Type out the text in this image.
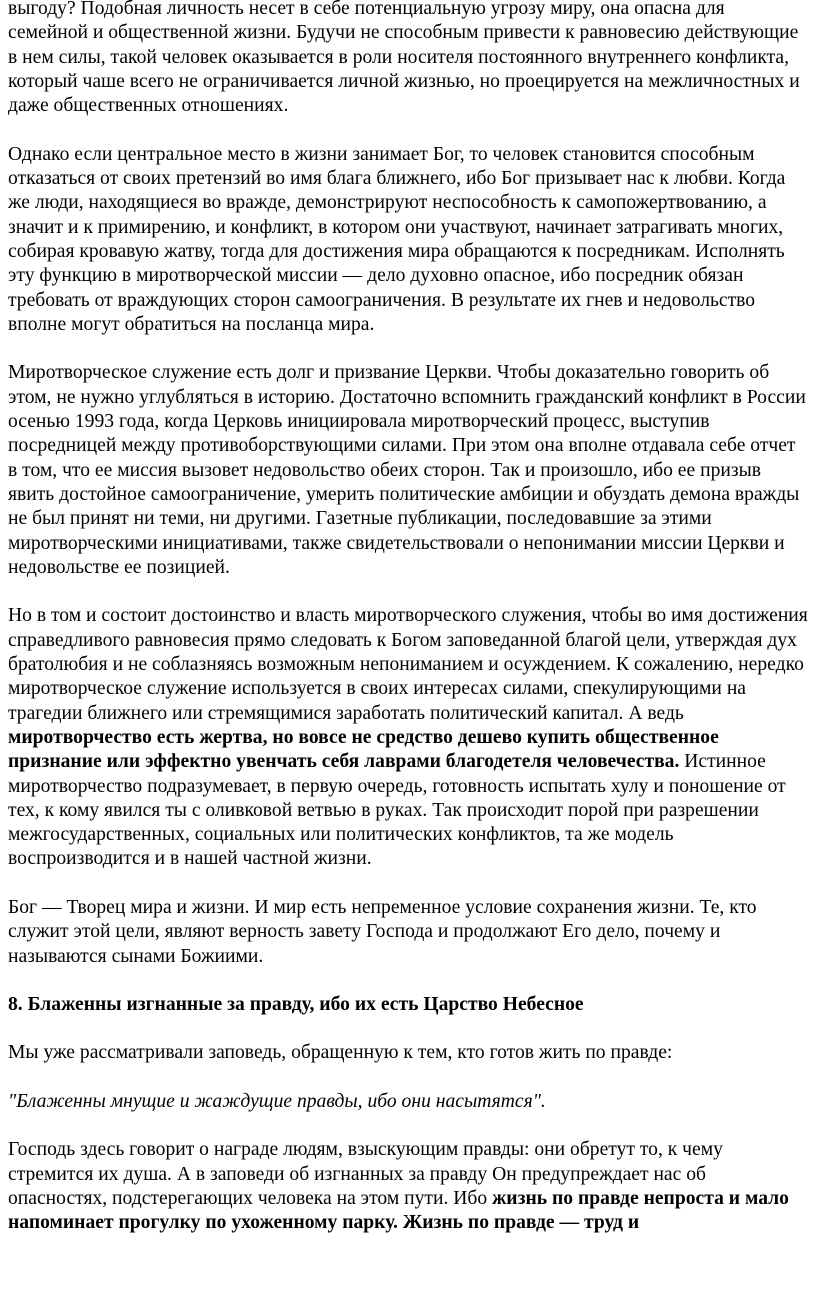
выгоду? Подобная личность несет в себе потенциальную угрозу миру, она опасна для семейной и общественной жизни. Будучи не способным привести к равновесию действующие в нем силы, такой человек оказывается в роли носителя постоянного внутреннего конфликта, который чаше всего не ограничивается личной жизнью, но проецируется на межличностных и даже общественных отношениях.

Однако если центральное место в жизни занимает Бог, то человек становится способным отказаться от своих претензий во имя блага ближнего, ибо Бог призывает нас к любви. Когда же люди, находящиеся во вражде, демонстрируют неспособность к самопожертвованию, а значит и к примирению, и конфликт, в котором они участвуют, начинает затрагивать многих, собирая кровавую жатву, тогда для достижения мира обращаются к посредникам. Исполнять эту функцию в миротворческой миссии — дело духовно опасное, ибо посредник обязан требовать от враждующих сторон самоограничения. В результате их гнев и недовольство вполне могут обратиться на посланца мира.

Миротворческое служение есть долг и призвание Церкви. Чтобы доказательно говорить об этом, не нужно углубляться в историю. Достаточно вспомнить гражданский конфликт в России осенью 1993 года, когда Церковь инициировала миротворческий процесс, выступив посредницей между противоборствующими силами. При этом она вполне отдавала себе отчет в том, что ее миссия вызовет недовольство обеих сторон. Так и произошло, ибо ее призыв явить достойное самоограничение, умерить политические амбиции и обуздать демона вражды не был принят ни теми, ни другими. Газетные публикации, последовавшие за этими миротворческими инициативами, также свидетельствовали о непонимании миссии Церкви и недовольстве ее позицией.

Но в том и состоит достоинство и власть миротворческого служения, чтобы во имя достижения справедливого равновесия прямо следовать к Богом заповеданной благой цели, утверждая дух братолюбия и не соблазняясь возможным непониманием и осуждением. К сожалению, нередко миротворческое служение используется в своих интересах силами, спекулирующими на трагедии ближнего или стремящимися заработать политический капитал. А ведь миротворчество есть жертва, но вовсе не средство дешево купить общественное признание или эффектно увенчать себя лаврами благодетеля человечества. Истинное миротворчество подразумевает, в первую очередь, готовность испытать хулу и поношение от тех, к кому явился ты с оливковой ветвью в руках. Так происходит порой при разрешении межгосударственных, социальных или политических конфликтов, та же модель воспроизводится и в нашей частной жизни.

Бог — Творец мира и жизни. И мир есть непременное условие сохранения жизни. Те, кто служит этой цели, являют верность завету Господа и продолжают Его дело, почему и называются сынами Божиими.

8. Блаженны изгнанные за правду, ибо их есть Царство Небесное

Мы уже рассматривали заповедь, обращенную к тем, кто готов жить по правде:

"Блаженны мнущие и жаждущие правды, ибо они насытятся".

Господь здесь говорит о награде людям, взыскующим правды: они обретут то, к чему стремится их душа. А в заповеди об изгнанных за правду Он предупреждает нас об опасностях, подстерегающих человека на этом пути. Ибо жизнь по правде непроста и мало напоминает прогулку по ухоженному парку. Жизнь по правде — труд и
